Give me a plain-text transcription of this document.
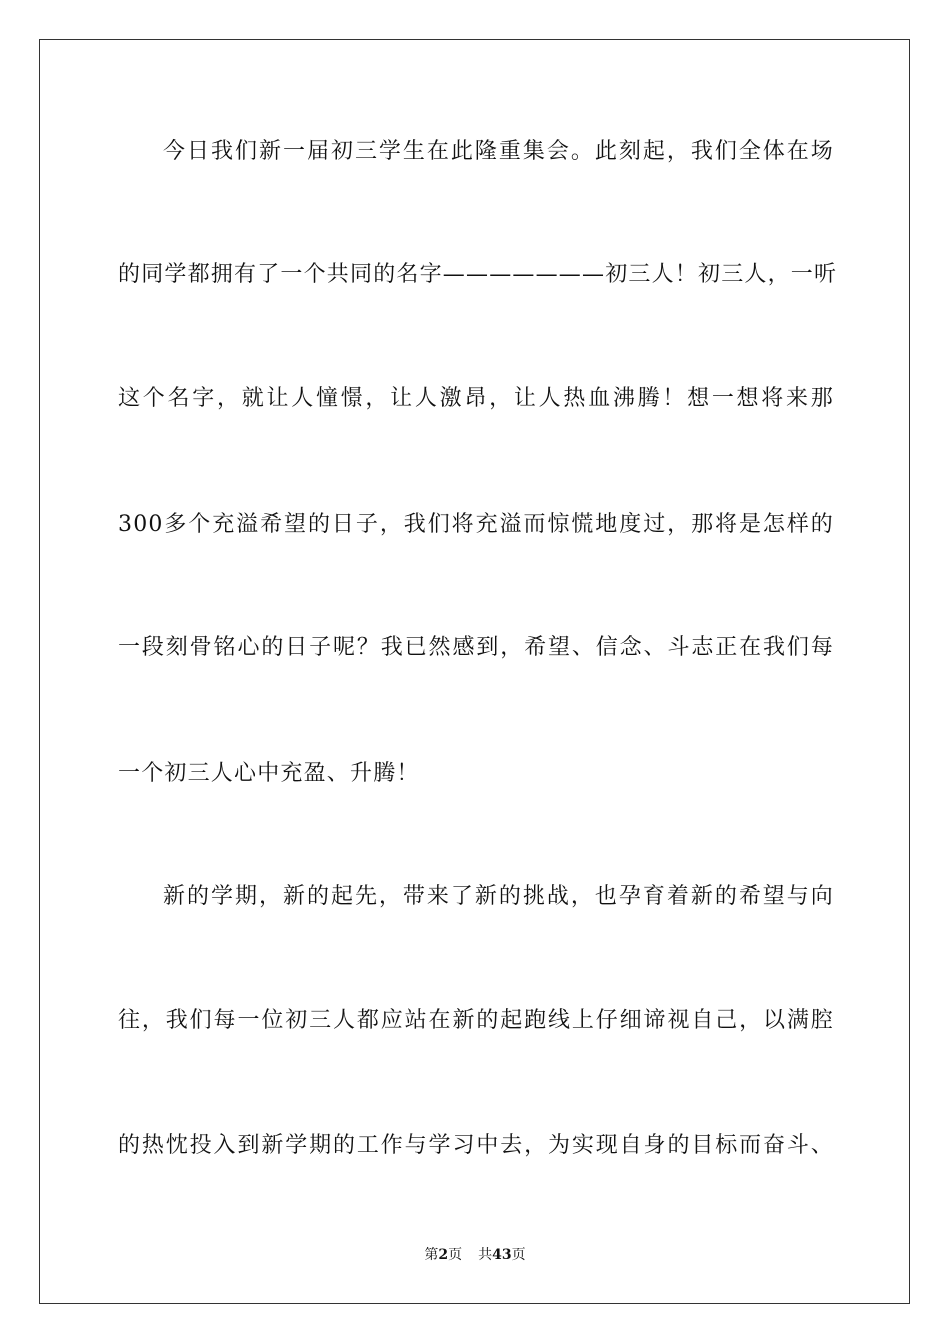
今日我们新一届初三学生在此隆重集会。此刻起，我们全体在场
的同学都拥有了一个共同的名字———————初三人！初三人，一听
这个名字，就让人憧憬，让人激昂，让人热血沸腾！想一想将来那
300多个充溢希望的日子，我们将充溢而惊慌地度过，那将是怎样的
一段刻骨铭心的日子呢？我已然感到，希望、信念、斗志正在我们每
一个初三人心中充盈、升腾！
新的学期，新的起先，带来了新的挑战，也孕育着新的希望与向
往，我们每一位初三人都应站在新的起跑线上仔细谛视自己，以满腔
的热忱投入到新学期的工作与学习中去，为实现自身的目标而奋斗、
第2页 共43页
